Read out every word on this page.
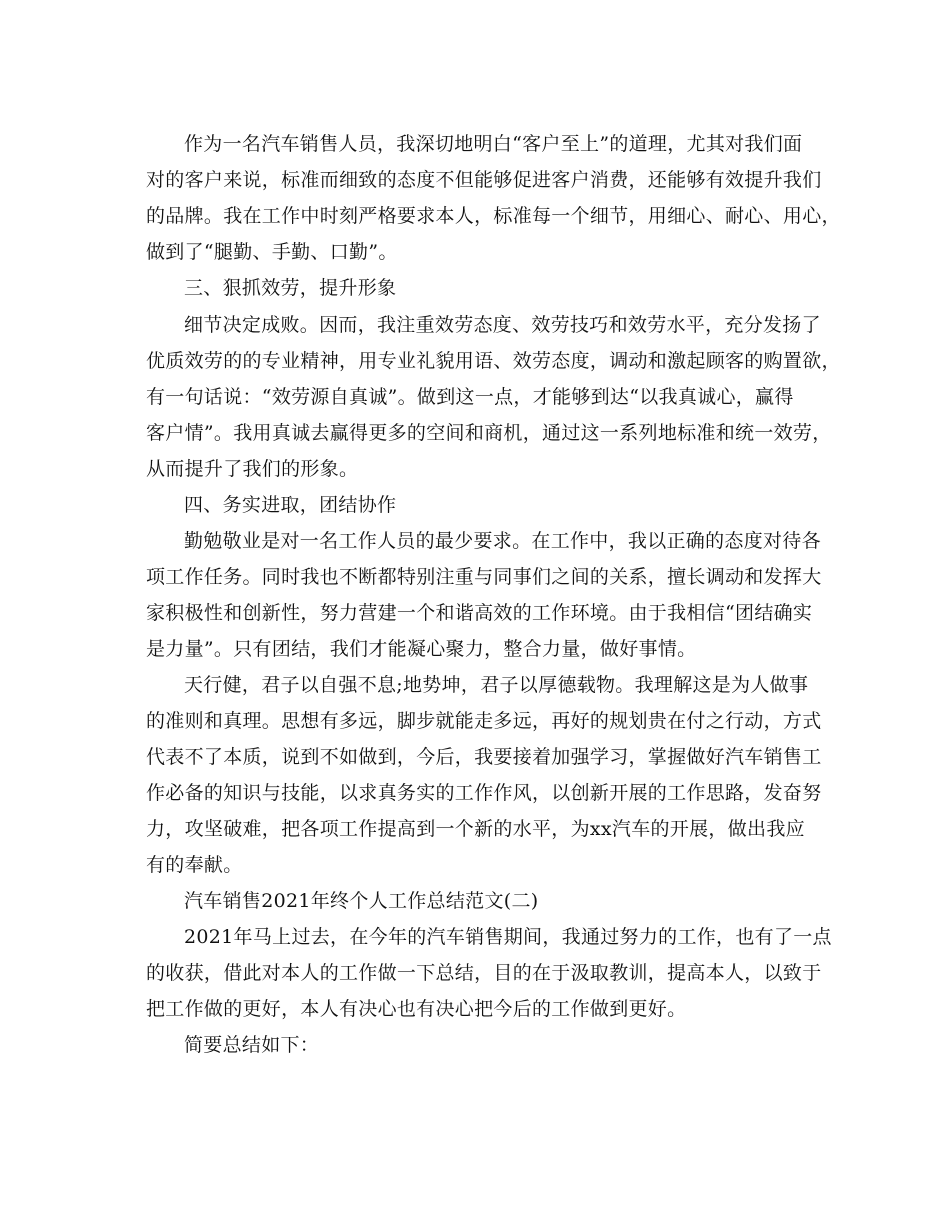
作为一名汽车销售人员，我深切地明白“客户至上”的道理，尤其对我们面
对的客户来说，标准而细致的态度不但能够促进客户消费，还能够有效提升我们
的品牌。我在工作中时刻严格要求本人，标准每一个细节，用细心、耐心、用心，
做到了“腿勤、手勤、口勤”。
三、狠抓效劳，提升形象
细节决定成败。因而，我注重效劳态度、效劳技巧和效劳水平，充分发扬了
优质效劳的的专业精神，用专业礼貌用语、效劳态度，调动和激起顾客的购置欲，
有一句话说：“效劳源自真诚”。做到这一点，才能够到达“以我真诚心，赢得
客户情”。我用真诚去赢得更多的空间和商机，通过这一系列地标准和统一效劳，
从而提升了我们的形象。
四、务实进取，团结协作
勤勉敬业是对一名工作人员的最少要求。在工作中，我以正确的态度对待各
项工作任务。同时我也不断都特别注重与同事们之间的关系，擅长调动和发挥大
家积极性和创新性，努力营建一个和谐高效的工作环境。由于我相信“团结确实
是力量”。只有团结，我们才能凝心聚力，整合力量，做好事情。
天行健，君子以自强不息;地势坤，君子以厚德载物。我理解这是为人做事
的准则和真理。思想有多远，脚步就能走多远，再好的规划贵在付之行动，方式
代表不了本质，说到不如做到，今后，我要接着加强学习，掌握做好汽车销售工
作必备的知识与技能，以求真务实的工作作风，以创新开展的工作思路，发奋努
力，攻坚破难，把各项工作提高到一个新的水平，为xx汽车的开展，做出我应
有的奉献。
汽车销售2021年终个人工作总结范文(二)
2021年马上过去，在今年的汽车销售期间，我通过努力的工作，也有了一点
的收获，借此对本人的工作做一下总结，目的在于汲取教训，提高本人，以致于
把工作做的更好，本人有决心也有决心把今后的工作做到更好。
简要总结如下：
